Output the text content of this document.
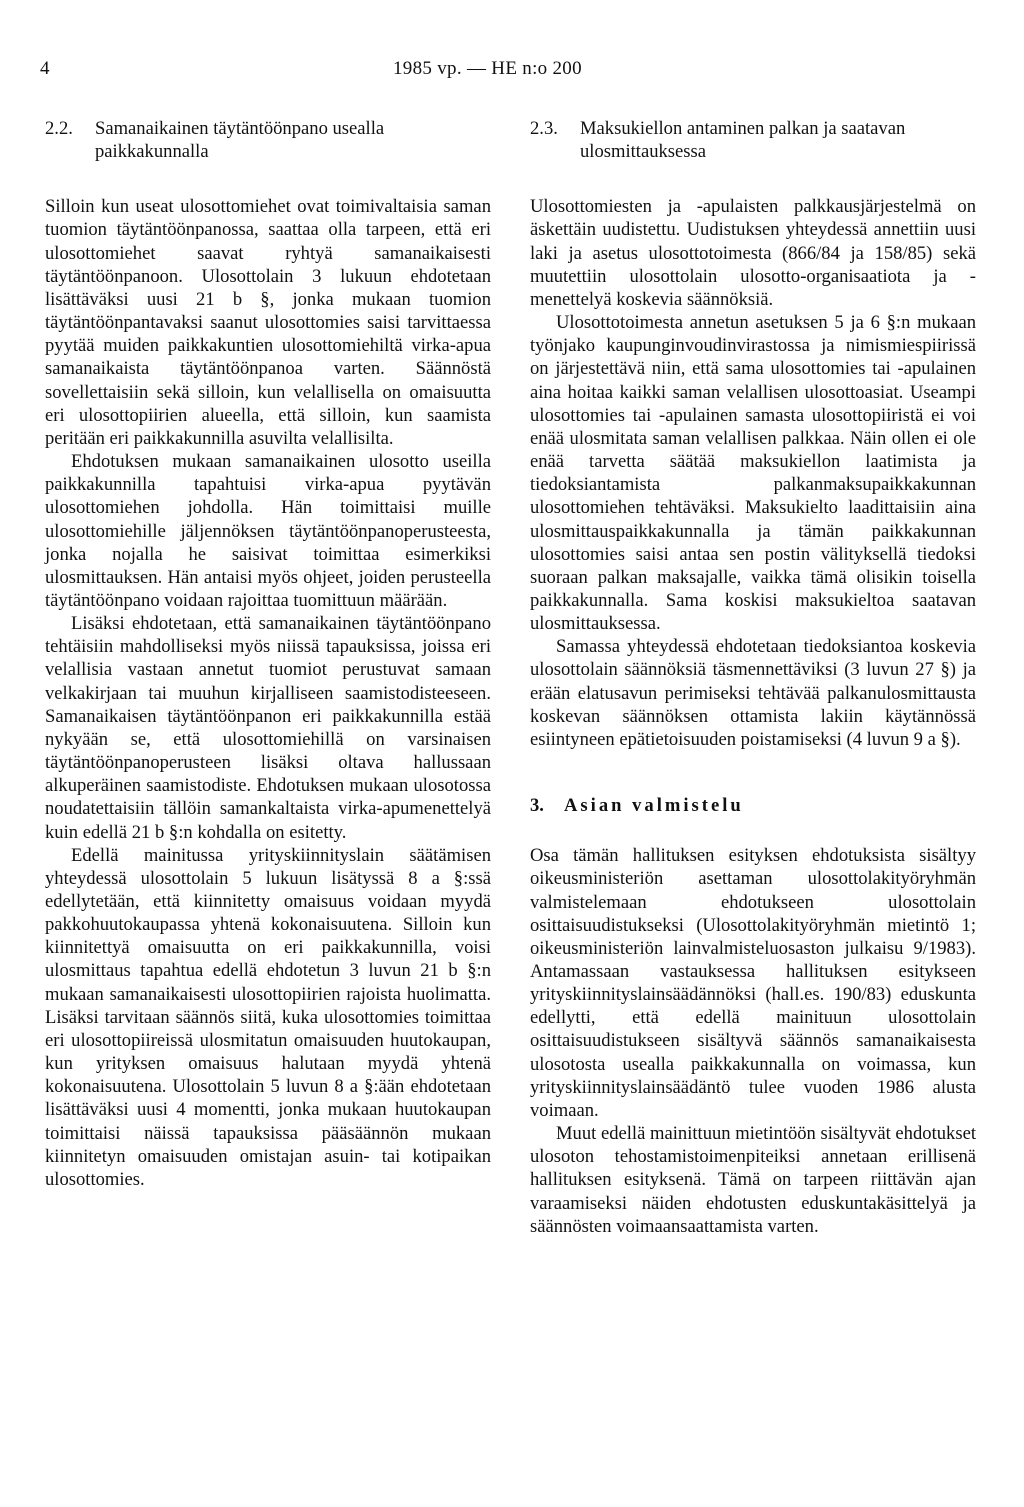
4	1985 vp. — HE n:o 200
2.2.	Samanaikainen täytäntöönpano usealla paikkakunnalla

Silloin kun useat ulosottomiehet ovat toimivaltaisia saman tuomion täytäntöönpanossa, saattaa olla tarpeen, että eri ulosottomiehet saavat ryhtyä samanaikaisesti täytäntöönpanoon. Ulosottolain 3 lukuun ehdotetaan lisättäväksi uusi 21 b §, jonka mukaan tuomion täytäntöönpantavaksi saanut ulosottomies saisi tarvittaessa pyytää muiden paikkakuntien ulosottomiehiltä virka-apua samanaikaista täytäntöönpanoa varten. Säännöstä sovellettaisiin sekä silloin, kun velallisella on omaisuutta eri ulosottopiirien alueella, että silloin, kun saamista peritään eri paikkakunnilla asuvilta velallisilta.

Ehdotuksen mukaan samanaikainen ulosotto useilla paikkakunnilla tapahtuisi virka-apua pyytävän ulosottomiehen johdolla. Hän toimittaisi muille ulosottomiehille jäljennöksen täytäntöönpanoperusteesta, jonka nojalla he saisivat toimittaa esimerkiksi ulosmittauksen. Hän antaisi myös ohjeet, joiden perusteella täytäntöönpano voidaan rajoittaa tuomittuun määrään.

Lisäksi ehdotetaan, että samanaikainen täytäntöönpano tehtäisiin mahdolliseksi myös niissä tapauksissa, joissa eri velallisia vastaan annetut tuomiot perustuvat samaan velkakirjaan tai muuhun kirjalliseen saamistodisteeseen. Samanaikaisen täytäntöönpanon eri paikkakunnilla estää nykyään se, että ulosottomiehillä on varsinaisen täytäntöönpanoperusteen lisäksi oltava hallussaan alkuperäinen saamistodiste. Ehdotuksen mukaan ulosotossa noudatettaisiin tällöin samankaltaista virka-apumenettelyä kuin edellä 21 b §:n kohdalla on esitetty.

Edellä mainitussa yrityskiinnityslain säätämisen yhteydessä ulosottolain 5 lukuun lisätyssä 8 a §:ssä edellytetään, että kiinnitetty omaisuus voidaan myydä pakkohuutokaupassa yhtenä kokonaisuutena. Silloin kun kiinnitettyä omaisuutta on eri paikkakunnilla, voisi ulosmittaus tapahtua edellä ehdotetun 3 luvun 21 b §:n mukaan samanaikaisesti ulosottopiirien rajoista huolimatta. Lisäksi tarvitaan säännös siitä, kuka ulosottomies toimittaa eri ulosottopiireissä ulosmitatun omaisuuden huutokaupan, kun yrityksen omaisuus halutaan myydä yhtenä kokonaisuutena. Ulosottolain 5 luvun 8 a §:ään ehdotetaan lisättäväksi uusi 4 momentti, jonka mukaan huutokaupan toimittaisi näissä tapauksissa pääsäännön mukaan kiinnitetyn omaisuuden omistajan asuin- tai kotipaikan ulosottomies.

2.3.	Maksukiellon antaminen palkan ja saatavan ulosmittauksessa

Ulosottomiesten ja -apulaisten palkkausjärjestelmä on äskettäin uudistettu. Uudistuksen yhteydessä annettiin uusi laki ja asetus ulosottotoimesta (866/84 ja 158/85) sekä muutettiin ulosottolain ulosotto-organisaatiota ja -menettelyä koskevia säännöksiä.

Ulosottotoimesta annetun asetuksen 5 ja 6 §:n mukaan työnjako kaupunginvoudinvirastossa ja nimismiespiirissä on järjestettävä niin, että sama ulosottomies tai -apulainen aina hoitaa kaikki saman velallisen ulosottoasiat. Useampi ulosottomies tai -apulainen samasta ulosottopiiristä ei voi enää ulosmitata saman velallisen palkkaa. Näin ollen ei ole enää tarvetta säätää maksukiellon laatimista ja tiedoksiantamista palkanmaksupaikkakunnan ulosottomiehen tehtäväksi. Maksukielto laadittaisiin aina ulosmittauspaikkakunnalla ja tämän paikkakunnan ulosottomies saisi antaa sen postin välityksellä tiedoksi suoraan palkan maksajalle, vaikka tämä olisikin toisella paikkakunnalla. Sama koskisi maksukieltoa saatavan ulosmittauksessa.

Samassa yhteydessä ehdotetaan tiedoksiantoa koskevia ulosottolain säännöksiä täsmennettäviksi (3 luvun 27 §) ja erään elatusavun perimiseksi tehtävää palkanulosmittausta koskevan säännöksen ottamista lakiin käytännössä esiintyneen epätietoisuuden poistamiseksi (4 luvun 9 a §).

3.	Asian valmistelu

Osa tämän hallituksen esityksen ehdotuksista sisältyy oikeusministeriön asettaman ulosottolakityöryhmän valmistelemaan ehdotukseen ulosottolain osittaisuudistukseksi (Ulosottolakityöryhmän mietintö 1; oikeusministeriön lainvalmisteluosaston julkaisu 9/1983). Antamassaan vastauksessa hallituksen esitykseen yrityskiinnityslainsäädännöksi (hall.es. 190/83) eduskunta edellytti, että edellä mainituun ulosottolain osittaisuudistukseen sisältyvä säännös samanaikaisesta ulosotosta usealla paikkakunnalla on voimassa, kun yrityskiinnityslainsäädäntö tulee vuoden 1986 alusta voimaan.

Muut edellä mainittuun mietintöön sisältyvät ehdotukset ulosoton tehostamistoimenpiteiksi annetaan erillisenä hallituksen esityksenä. Tämä on tarpeen riittävän ajan varaamiseksi näiden ehdotusten eduskuntakäsittelyä ja säännösten voimaansaattamista varten.
